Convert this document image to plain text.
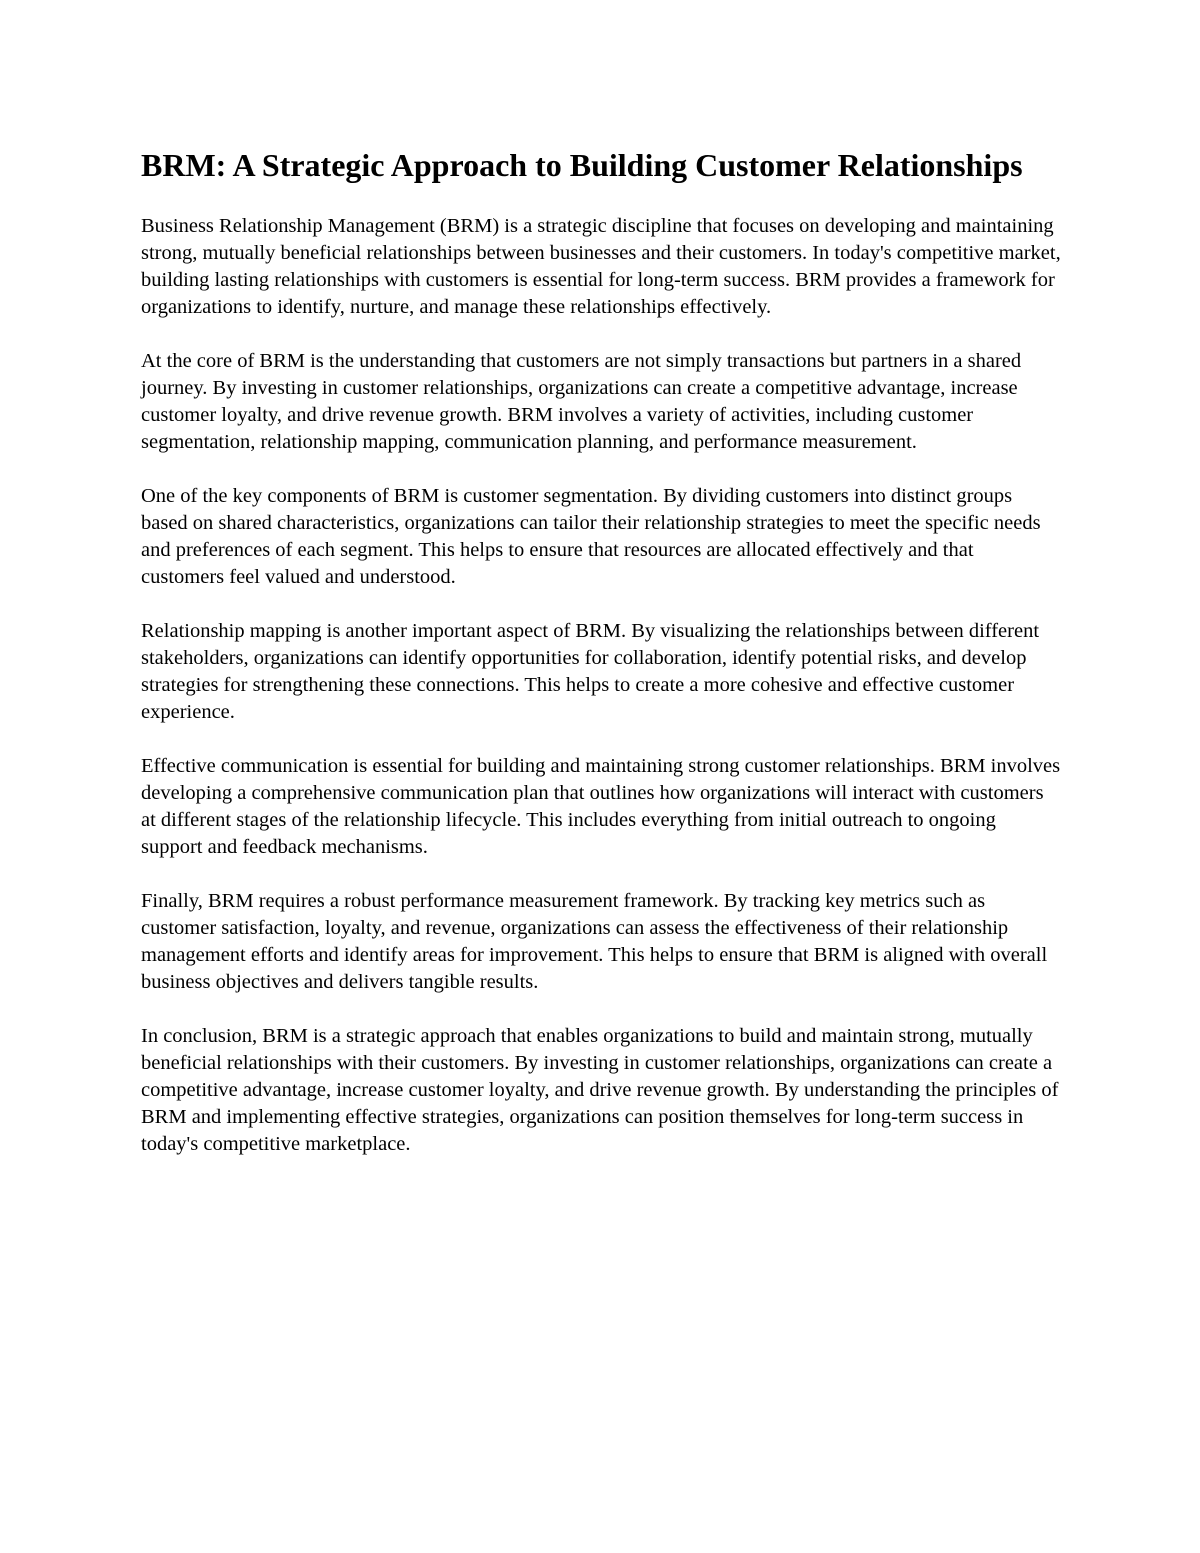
BRM: A Strategic Approach to Building Customer Relationships

Business Relationship Management (BRM) is a strategic discipline that focuses on developing and maintaining strong, mutually beneficial relationships between businesses and their customers. In today's competitive market, building lasting relationships with customers is essential for long-term success. BRM provides a framework for organizations to identify, nurture, and manage these relationships effectively.

At the core of BRM is the understanding that customers are not simply transactions but partners in a shared journey. By investing in customer relationships, organizations can create a competitive advantage, increase customer loyalty, and drive revenue growth. BRM involves a variety of activities, including customer segmentation, relationship mapping, communication planning, and performance measurement.

One of the key components of BRM is customer segmentation. By dividing customers into distinct groups based on shared characteristics, organizations can tailor their relationship strategies to meet the specific needs and preferences of each segment. This helps to ensure that resources are allocated effectively and that customers feel valued and understood.

Relationship mapping is another important aspect of BRM. By visualizing the relationships between different stakeholders, organizations can identify opportunities for collaboration, identify potential risks, and develop strategies for strengthening these connections. This helps to create a more cohesive and effective customer experience.

Effective communication is essential for building and maintaining strong customer relationships. BRM involves developing a comprehensive communication plan that outlines how organizations will interact with customers at different stages of the relationship lifecycle. This includes everything from initial outreach to ongoing support and feedback mechanisms.

Finally, BRM requires a robust performance measurement framework. By tracking key metrics such as customer satisfaction, loyalty, and revenue, organizations can assess the effectiveness of their relationship management efforts and identify areas for improvement. This helps to ensure that BRM is aligned with overall business objectives and delivers tangible results.

In conclusion, BRM is a strategic approach that enables organizations to build and maintain strong, mutually beneficial relationships with their customers. By investing in customer relationships, organizations can create a competitive advantage, increase customer loyalty, and drive revenue growth. By understanding the principles of BRM and implementing effective strategies, organizations can position themselves for long-term success in today's competitive marketplace.
